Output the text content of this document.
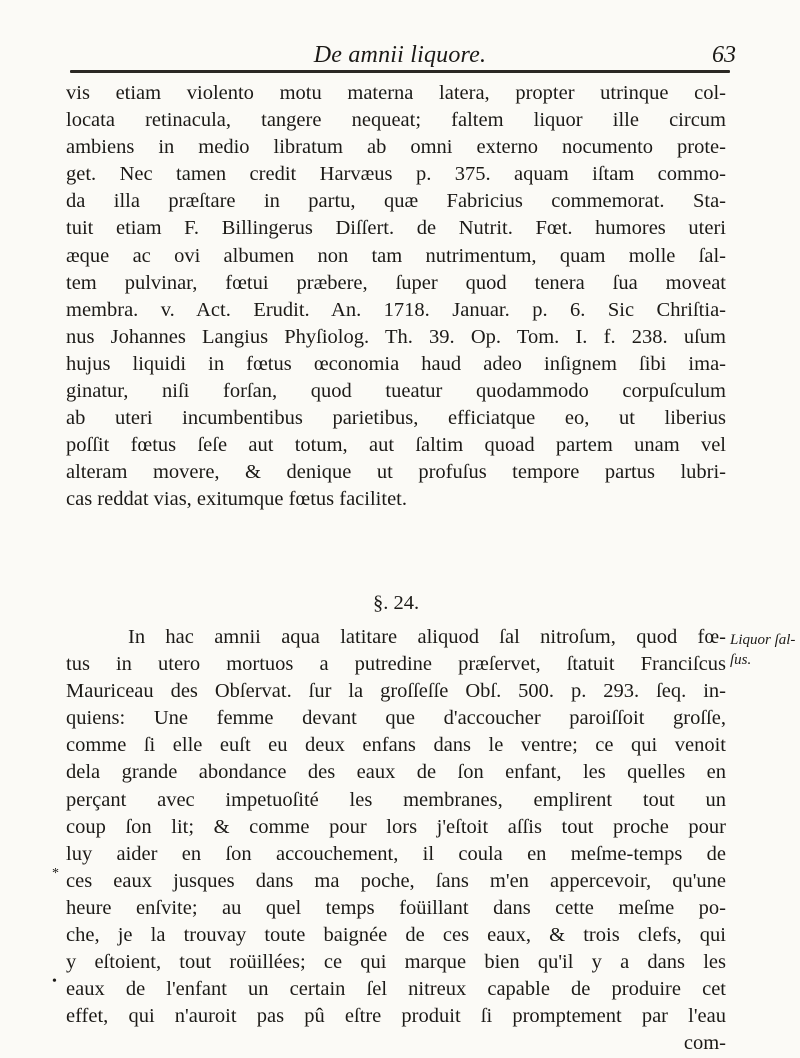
De amnii liquore.	63
vis etiam violento motu materna latera, propter utrinque col-
locata retinacula, tangere nequeat; faltem liquor ille circum
ambiens in medio libratum ab omni externo nocumento prote-
get. Nec tamen credit Harvæus p. 375. aquam iſtam commo-
da illa præſtare in partu, quæ Fabricius commemorat. Sta-
tuit etiam F. Billingerus Diſſert. de Nutrit. Fœt. humores uteri
æque ac ovi albumen non tam nutrimentum, quam molle ſal-
tem pulvinar, fœtui præbere, ſuper quod tenera ſua moveat
membra. v. Act. Erudit. An. 1718. Januar. p. 6. Sic Chriſtia-
nus Johannes Langius Phyſiolog. Th. 39. Op. Tom. I. f. 238. uſum
hujus liquidi in fœtus œconomia haud adeo inſignem ſibi ima-
ginatur, niſi forſan, quod tueatur quodammodo corpuſculum
ab uteri incumbentibus parietibus, efficiatque eo, ut liberius
poſſit fœtus ſeſe aut totum, aut ſaltim quoad partem unam vel
alteram movere, & denique ut profuſus tempore partus lubri-
cas reddat vias, exitumque fœtus facilitet.
§. 24.
In hac amnii aqua latitare aliquod ſal nitroſum, quod fœ-
tus in utero mortuos a putredine præſervet, ſtatuit Franciſcus
Mauriceau des Obſervat. ſur la groſſeſſe Obſ. 500. p. 293. ſeq. in-
quiens: Une femme devant que d'accoucher paroiſſoit groſſe,
comme ſi elle euſt eu deux enfans dans le ventre; ce qui venoit
dela grande abondance des eaux de ſon enfant, les quelles en
perçant avec impetuoſité les membranes, emplirent tout un
coup ſon lit; & comme pour lors j'eſtoit aſſis tout proche pour
luy aider en ſon accouchement, il coula en meſme-temps de
ces eaux jusques dans ma poche, ſans m'en appercevoir, qu'une
heure enſvite; au quel temps foüillant dans cette meſme po-
che, je la trouvay toute baignée de ces eaux, & trois clefs, qui
y eſtoient, tout roüillées; ce qui marque bien qu'il y a dans les
eaux de l'enfant un certain ſel nitreux capable de produire cet
effet, qui n'auroit pas pû eſtre produit ſi promptement par l'eau
com-
Liquor ſal-
ſus.
*
•
